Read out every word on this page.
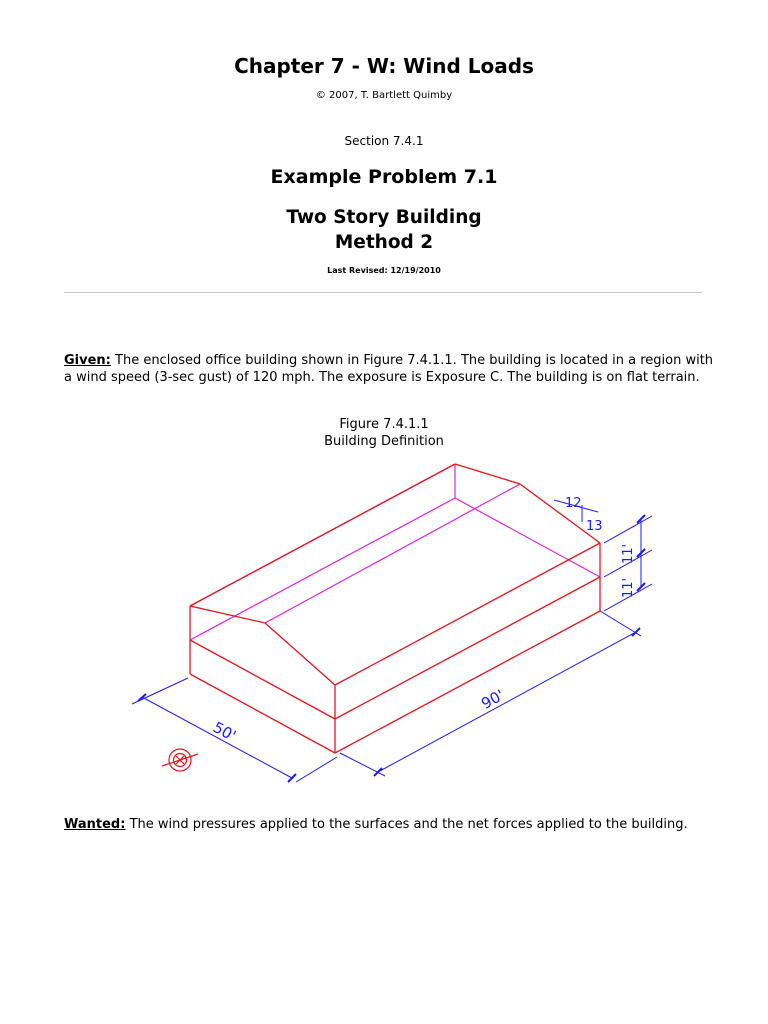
Chapter 7 - W: Wind Loads
© 2007, T. Bartlett Quimby
Section 7.4.1
Example Problem 7.1
Two Story Building
Method 2
Last Revised: 12/19/2010
Given: The enclosed office building shown in Figure 7.4.1.1. The building is located in a region with a wind speed (3-sec gust) of 120 mph. The exposure is Exposure C. The building is on flat terrain.
Figure 7.4.1.1
Building Definition
12
13
50'
90'
11'
11'
Wanted: The wind pressures applied to the surfaces and the net forces applied to the building.
